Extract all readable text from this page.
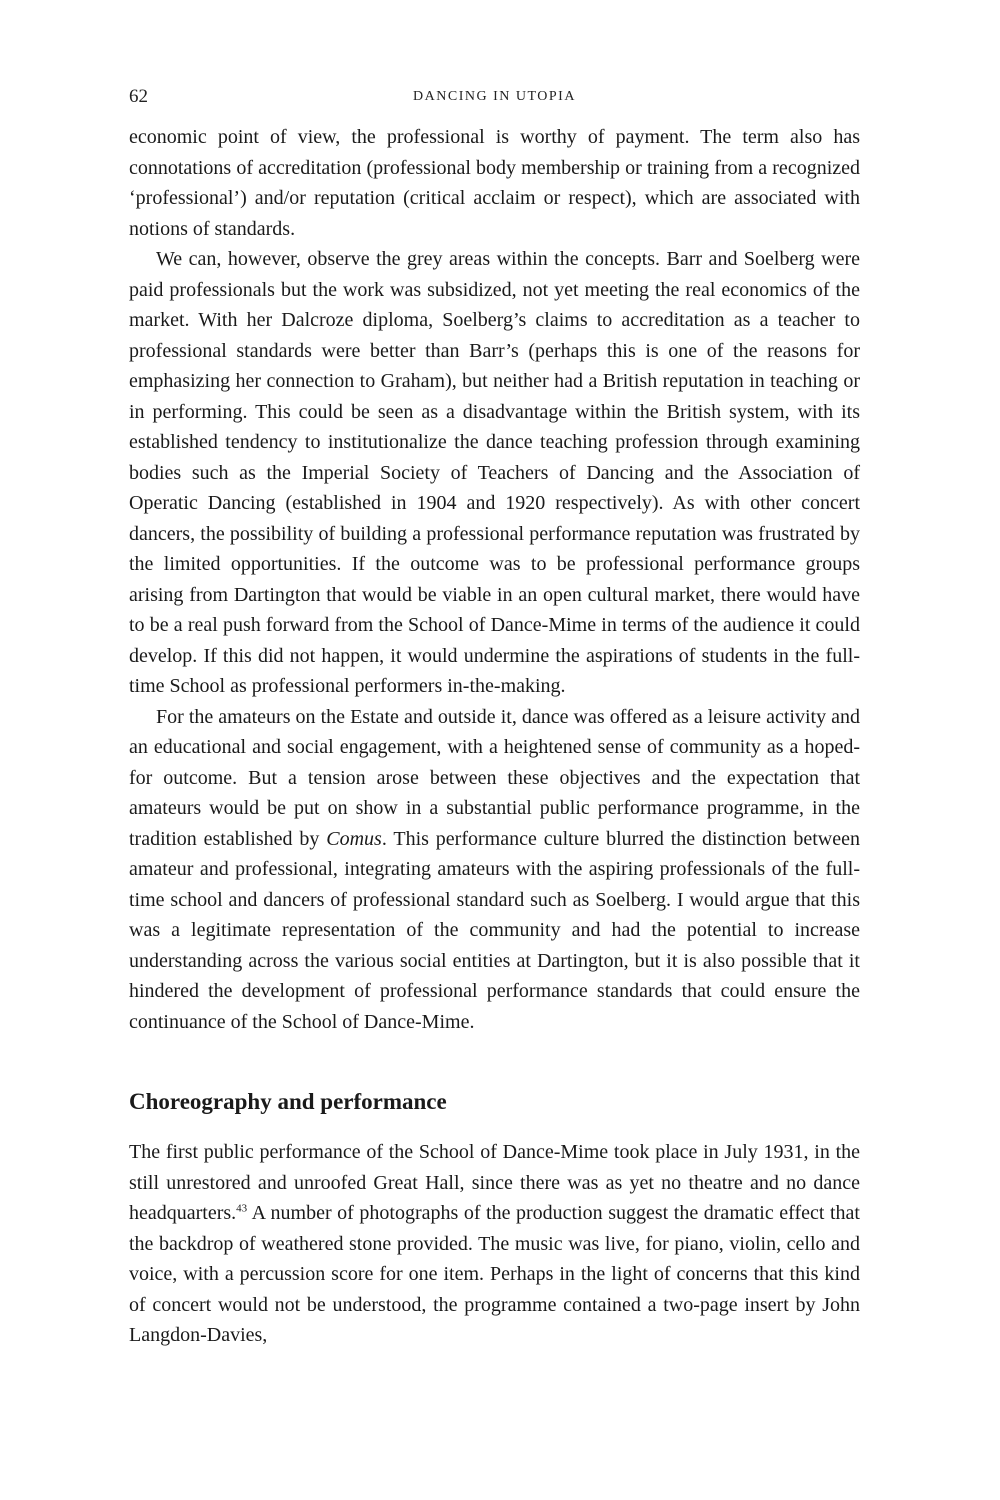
62	DANCING IN UTOPIA

economic point of view, the professional is worthy of payment. The term also has connotations of accreditation (professional body membership or training from a recognized ‘professional’) and/or reputation (critical acclaim or respect), which are associated with notions of standards.

We can, however, observe the grey areas within the concepts. Barr and Soelberg were paid professionals but the work was subsidized, not yet meeting the real economics of the market. With her Dalcroze diploma, Soelberg’s claims to accreditation as a teacher to professional standards were better than Barr’s (perhaps this is one of the reasons for emphasizing her connection to Graham), but neither had a British reputation in teaching or in performing. This could be seen as a disadvantage within the British system, with its established tendency to institutionalize the dance teaching profession through examining bodies such as the Imperial Society of Teachers of Dancing and the Association of Operatic Dancing (established in 1904 and 1920 respectively). As with other concert dancers, the possibility of building a professional performance reputation was frustrated by the limited opportunities. If the outcome was to be professional performance groups arising from Dartington that would be viable in an open cultural market, there would have to be a real push forward from the School of Dance-Mime in terms of the audience it could develop. If this did not happen, it would undermine the aspirations of students in the full-time School as professional performers in-the-making.

For the amateurs on the Estate and outside it, dance was offered as a leisure activity and an educational and social engagement, with a heightened sense of community as a hoped-for outcome. But a tension arose between these objectives and the expectation that amateurs would be put on show in a substantial public performance programme, in the tradition established by Comus. This performance culture blurred the distinction between amateur and professional, integrating amateurs with the aspiring professionals of the full-time school and dancers of professional standard such as Soelberg. I would argue that this was a legitimate representation of the community and had the potential to increase understanding across the various social entities at Dartington, but it is also possible that it hindered the development of professional performance standards that could ensure the continuance of the School of Dance-Mime.

Choreography and performance

The first public performance of the School of Dance-Mime took place in July 1931, in the still unrestored and unroofed Great Hall, since there was as yet no theatre and no dance headquarters.$^{43}$ A number of photographs of the production suggest the dramatic effect that the backdrop of weathered stone provided. The music was live, for piano, violin, cello and voice, with a percussion score for one item. Perhaps in the light of concerns that this kind of concert would not be understood, the programme contained a two-page insert by John Langdon-Davies,
